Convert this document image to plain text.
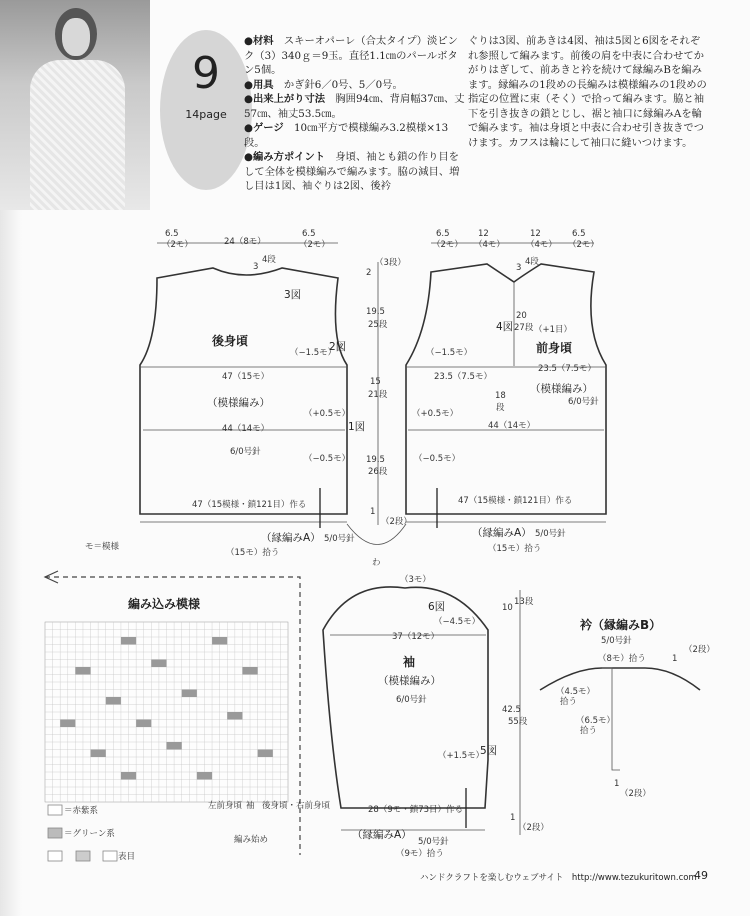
9
14page

●材料　スキーオパーレ（合太タイプ）淡ピンク（3）340ｇ＝9玉。直径1.1㎝のパールボタン5個。

●用具　かぎ針6／0号、5／0号。

●出来上がり寸法　胸囲94㎝、背肩幅37㎝、丈57㎝、袖丈53.5㎝。

●ゲージ　10㎝平方で模様編み3.2模様×13段。

●編み方ポイント　身頃、袖とも鎖の作り目をして全体を模様編みで編みます。脇の減目、増し目は1図、袖ぐりは2図、後衿

ぐりは3図、前あきは4図、袖は5図と6図をそれぞれ参照して編みます。前後の肩を中表に合わせてかがりはぎして、前あきと衿を続けて縁編みBを編みます。縁編みの1段めの長編みは模様編みの1段めの指定の位置に束（そく）で拾って編みます。脇と袖下を引き抜きの鎖とじし、裾と袖口に縁編みAを輪で編みます。袖は身頃と中表に合わせ引き抜きでつけます。カフスは輪にして袖口に縫いつけます。
6.5
（2モ）	24（8モ）
6.5
（2モ）
3
4段
3図
後身頃	2図
（−1.5モ）
47（15モ）
（模様編み）
（+0.5モ）
44（14モ）	1図
6/0号針
（−0.5モ）
47（15模様・鎖121目）作る
（縁編みA） 5/0号針
（15モ）拾う
モ＝模様
2
（3段）
19.5
25段
15
21段
19.5
26段
1
（2段）
わ
6.5
（2モ）
12
（4モ）
12
（4モ）
6.5
（2モ）
3
4段
4図
20
27段 （+1目）
前身頃
（−1.5モ）
23.5（7.5モ）
23.5（7.5モ）
（模様編み）
6/0号針
18
段
（+0.5モ）
44（14モ）
（−0.5モ）
47（15模様・鎖121目）作る
（縁編みA） 5/0号針
（15モ）拾う
編み込み模様
＝赤紫系
＝グリーン系
表目
左前身頃 袖 後身頃・右前身頃
編み始め
（3モ）
6図
（−4.5モ）
37（12モ）
袖
（模様編み）
6/0号針
（+1.5モ）
5図
28（9モ・鎖73目）作る
（縁編みA）
5/0号針
（9モ）拾う
10
13段
42.5
55段
1
（2段）
衿（縁編みB）
5/0号針
（8モ）拾う	1
（2段）
（4.5モ）
拾う
（6.5モ）
拾う
1
（2段）
ハンドクラフトを楽しむウェブサイト　http://www.tezukuritown.com
49
